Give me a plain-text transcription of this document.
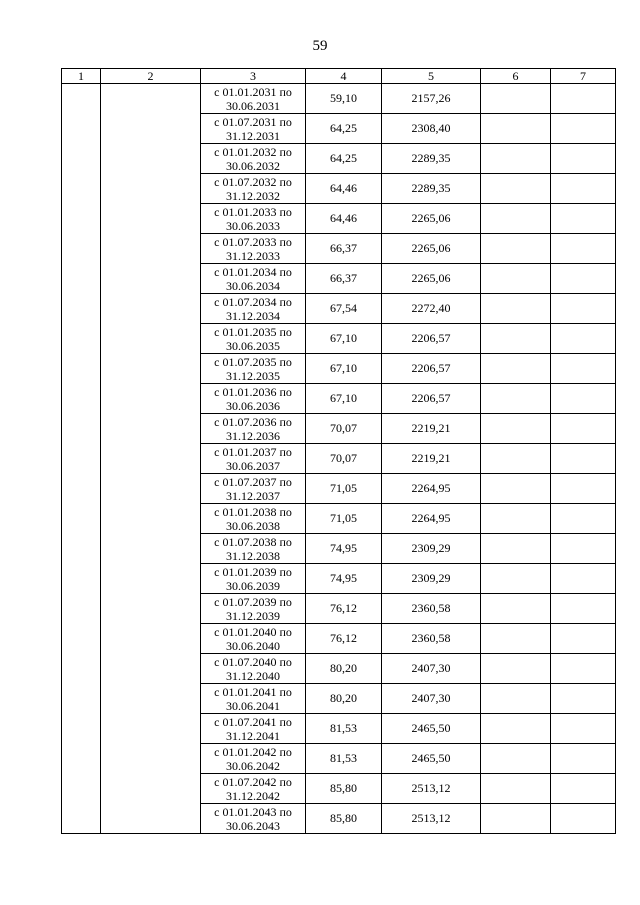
59
1	2	3	4	5	6	7

		с 01.01.2031 по
30.06.2031	59,10	2157,26		

		с 01.07.2031 по
31.12.2031	64,25	2308,40		

		с 01.01.2032 по
30.06.2032	64,25	2289,35		

		с 01.07.2032 по
31.12.2032	64,46	2289,35		

		с 01.01.2033 по
30.06.2033	64,46	2265,06		

		с 01.07.2033 по
31.12.2033	66,37	2265,06		

		с 01.01.2034 по
30.06.2034	66,37	2265,06		

		с 01.07.2034 по
31.12.2034	67,54	2272,40		

		с 01.01.2035 по
30.06.2035	67,10	2206,57		

		с 01.07.2035 по
31.12.2035	67,10	2206,57		

		с 01.01.2036 по
30.06.2036	67,10	2206,57		

		с 01.07.2036 по
31.12.2036	70,07	2219,21		

		с 01.01.2037 по
30.06.2037	70,07	2219,21		

		с 01.07.2037 по
31.12.2037	71,05	2264,95		

		с 01.01.2038 по
30.06.2038	71,05	2264,95		

		с 01.07.2038 по
31.12.2038	74,95	2309,29		

		с 01.01.2039 по
30.06.2039	74,95	2309,29		

		с 01.07.2039 по
31.12.2039	76,12	2360,58		

		с 01.01.2040 по
30.06.2040	76,12	2360,58		

		с 01.07.2040 по
31.12.2040	80,20	2407,30		

		с 01.01.2041 по
30.06.2041	80,20	2407,30		

		с 01.07.2041 по
31.12.2041	81,53	2465,50		

		с 01.01.2042 по
30.06.2042	81,53	2465,50		

		с 01.07.2042 по
31.12.2042	85,80	2513,12		

		с 01.01.2043 по
30.06.2043	85,80	2513,12		
